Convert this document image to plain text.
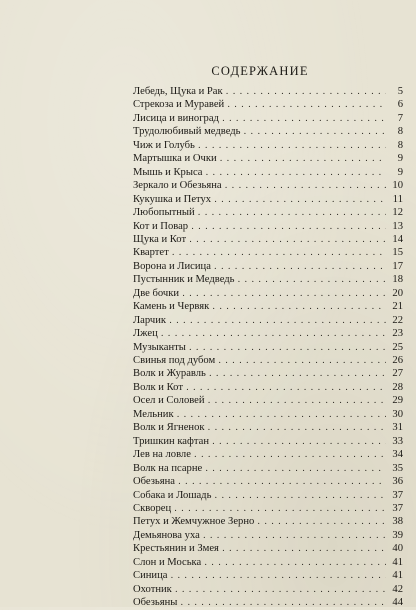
СОДЕРЖАНИЕ
Лебедь, Щука и Рак . . .	5
Стрекоза и Муравей . . .	6
Лисица и виноград . . .	7
Трудолюбивый медведь . . .	8
Чиж и Голубь . . .	8
Мартышка и Очки . . .	9
Мышь и Крыса . . .	9
Зеркало и Обезьяна . . .	10
Кукушка и Петух . . .	11
Любопытный . . .	12
Кот и Повар . . .	13
Щука и Кот . . .	14
Квартет . . .	15
Ворона и Лисица . . .	17
Пустынник и Медведь . . .	18
Две бочки . . .	20
Камень и Червяк . . .	21
Ларчик . . .	22
Лжец . . .	23
Музыканты . . .	25
Свинья под дубом . . .	26
Волк и Журавль . . .	27
Волк и Кот . . .	28
Осел и Соловей . . .	29
Мельник . . .	30
Волк и Ягненок . . .	31
Тришкин кафтан . . .	33
Лев на ловле . . .	34
Волк на псарне . . .	35
Обезьяна . . .	36
Собака и Лошадь . . .	37
Скворец . . .	37
Петух и Жемчужное Зерно . . .	38
Демьянова уха . . .	39
Крестьянин и Змея . . .	40
Слон и Моська . . .	41
Синица . . .	41
Охотник . . .	42
Обезьяны . . .	44
